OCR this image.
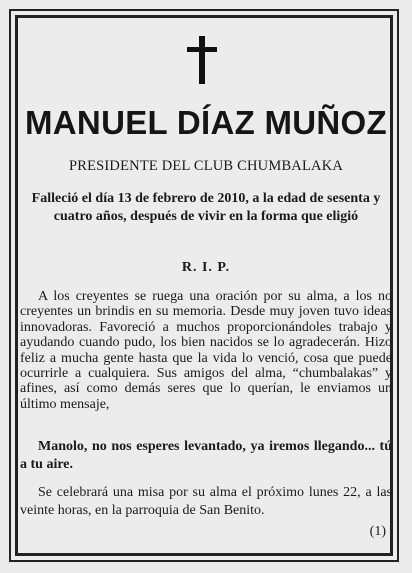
MANUEL DÍAZ MUÑOZ
PRESIDENTE DEL CLUB CHUMBALAKA
Falleció el día 13 de febrero de 2010, a la edad de sesenta y cuatro años, después de vivir en la forma que eligió
R. I. P.
A los creyentes se ruega una oración por su alma, a los no creyentes un brindis en su memoria. Desde muy joven tuvo ideas innovadoras. Favoreció a muchos proporcionándoles trabajo y ayudando cuando pudo, los bien nacidos se lo agradecerán. Hizo feliz a mucha gente hasta que la vida lo venció, cosa que puede ocurrirle a cualquiera. Sus amigos del alma, “chumbalakas” y afines, así como demás seres que lo querían, le enviamos un último mensaje,
Manolo, no nos esperes levantado, ya iremos llegando... tú a tu aire.
Se celebrará una misa por su alma el próximo lunes 22, a las veinte horas, en la parroquia de San Benito.
(1)
